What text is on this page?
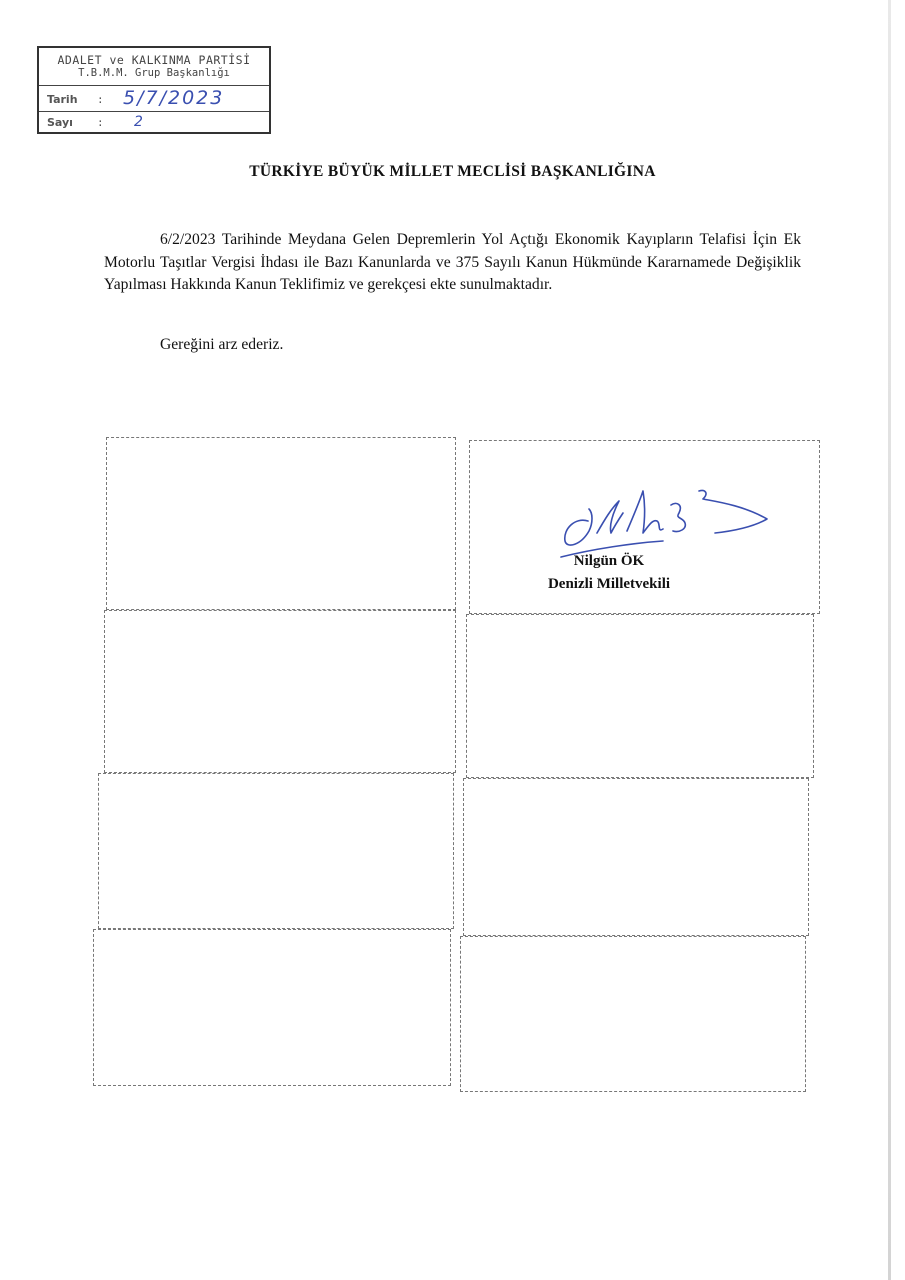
ADALET ve KALKINMA PARTİSİ
T.B.M.M. Grup Başkanlığı
Tarih : 5/7/2023
Sayı : 2
TÜRKİYE BÜYÜK MİLLET MECLİSİ BAŞKANLIĞINA
6/2/2023 Tarihinde Meydana Gelen Depremlerin Yol Açtığı Ekonomik Kayıpların Telafisi İçin Ek Motorlu Taşıtlar Vergisi İhdası ile Bazı Kanunlarda ve 375 Sayılı Kanun Hükmünde Kararnamede Değişiklik Yapılması Hakkında Kanun Teklifimiz ve gerekçesi ekte sunulmaktadır.
Gereğini arz ederiz.
Nilgün ÖK
Denizli Milletvekili
